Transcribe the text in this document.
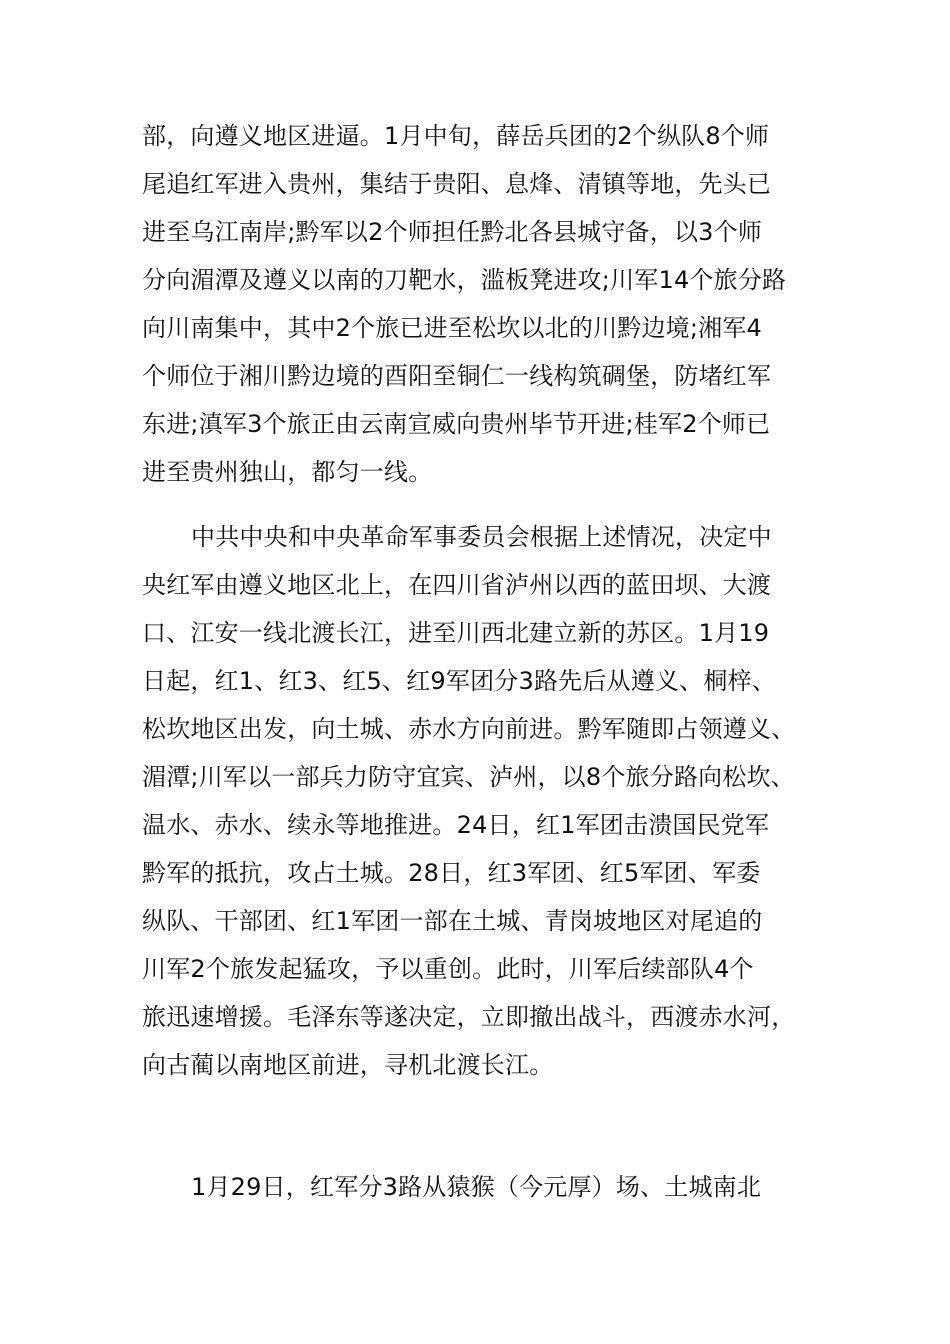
部，向遵义地区进逼。1月中旬，薛岳兵团的2个纵队8个师
尾追红军进入贵州，集结于贵阳、息烽、清镇等地，先头已
进至乌江南岸;黔军以2个师担任黔北各县城守备，以3个师
分向湄潭及遵义以南的刀靶水，滥板凳进攻;川军14个旅分路
向川南集中，其中2个旅已进至松坎以北的川黔边境;湘军4
个师位于湘川黔边境的酉阳至铜仁一线构筑碉堡，防堵红军
东进;滇军3个旅正由云南宣威向贵州毕节开进;桂军2个师已
进至贵州独山，都匀一线。
中共中央和中央革命军事委员会根据上述情况，决定中
央红军由遵义地区北上，在四川省泸州以西的蓝田坝、大渡
口、江安一线北渡长江，进至川西北建立新的苏区。1月19
日起，红1、红3、红5、红9军团分3路先后从遵义、桐梓、
松坎地区出发，向土城、赤水方向前进。黔军随即占领遵义、
湄潭;川军以一部兵力防守宜宾、泸州，以8个旅分路向松坎、
温水、赤水、续永等地推进。24日，红1军团击溃国民党军
黔军的抵抗，攻占土城。28日，红3军团、红5军团、军委
纵队、干部团、红1军团一部在土城、青岗坡地区对尾追的
川军2个旅发起猛攻，予以重创。此时，川军后续部队4个
旅迅速增援。毛泽东等遂决定，立即撤出战斗，西渡赤水河，
向古蔺以南地区前进，寻机北渡长江。
1月29日，红军分3路从猿猴（今元厚）场、土城南北
